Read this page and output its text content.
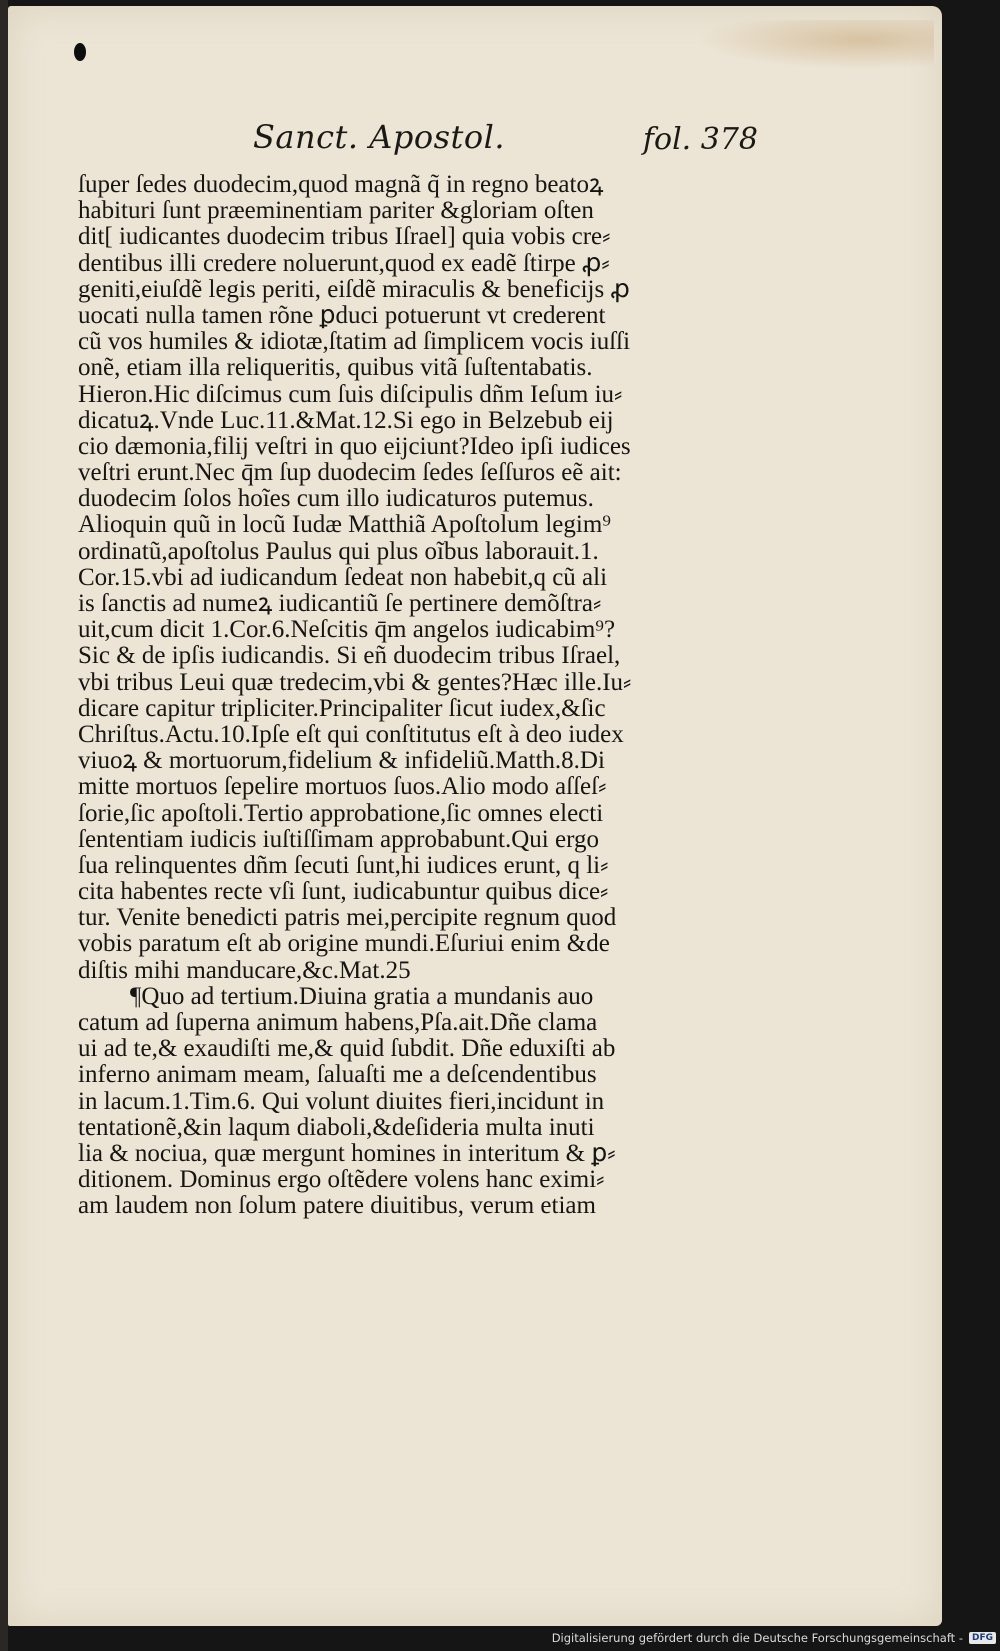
Sanct. Apostol.	fol. 378
ſuper ſedes duodecim,quod magnã q̃ in regno beatoꝝ
habituri ſunt præeminentiam pariter &gloriam oſten
dit[ iudicantes duodecim tribus Iſrael] quia vobis cre⸗
dentibus illi credere noluerunt,quod ex eadẽ ſtirpe ꝓ⸗
geniti,eiuſdẽ legis periti, eiſdẽ miraculis & beneficijs ꝓ
uocati nulla tamen rõne ꝑduci potuerunt vt crederent
cũ vos humiles & idiotæ,ſtatim ad ſimplicem vocis iuſſi
onẽ, etiam illa reliqueritis, quibus vitã ſuſtentabatis.
Hieron.Hic diſcimus cum ſuis diſcipulis dñm Ieſum iu⸗
dicatuꝝ.Vnde Luc.11.&Mat.12.Si ego in Belzebub eij
cio dæmonia,filij veſtri in quo eijciunt?Ideo ipſi iudices
veſtri erunt.Nec q̄m ſup duodecim ſedes ſeſſuros eẽ ait:
duodecim ſolos hoĩes cum illo iudicaturos putemus.
Alioquin quũ in locũ Iudæ Matthiã Apoſtolum legim⁹
ordinatũ,apoſtolus Paulus qui plus oĩbus laborauit.1.
Cor.15.vbi ad iudicandum ſedeat non habebit,q cũ ali
is ſanctis ad numeꝝ iudicantiũ ſe pertinere demõſtra⸗
uit,cum dicit 1.Cor.6.Neſcitis q̄m angelos iudicabim⁹?
Sic & de ipſis iudicandis. Si eñ duodecim tribus Iſrael,
vbi tribus Leui quæ tredecim,vbi & gentes?Hæc ille.Iu⸗
dicare capitur tripliciter.Principaliter ſicut iudex,&ſic
Chriſtus.Actu.10.Ipſe eſt qui conſtitutus eſt à deo iudex
viuoꝝ & mortuorum,fidelium & infideliũ.Matth.8.Di
mitte mortuos ſepelire mortuos ſuos.Alio modo aſſeſ⸗
ſorie,ſic apoſtoli.Tertio approbatione,ſic omnes electi
ſententiam iudicis iuſtiſſimam approbabunt.Qui ergo
ſua relinquentes dñm ſecuti ſunt,hi iudices erunt, q li⸗
cita habentes recte vſi ſunt, iudicabuntur quibus dice⸗
tur. Venite benedicti patris mei,percipite regnum quod
vobis paratum eſt ab origine mundi.Eſuriui enim &de
diſtis mihi manducare,&c.Mat.25
¶Quo ad tertium.Diuina gratia a mundanis auo
catum ad ſuperna animum habens,Pſa.ait.Dñe clama
ui ad te,& exaudiſti me,& quid ſubdit. Dñe eduxiſti ab
inferno animam meam, ſaluaſti me a deſcendentibus
in lacum.1.Tim.6. Qui volunt diuites fieri,incidunt in
tentationẽ,&in laqum diaboli,&deſideria multa inuti
lia & nociua, quæ mergunt homines in interitum & ꝑ⸗
ditionem. Dominus ergo oſtẽdere volens hanc eximi⸗
am laudem non ſolum patere diuitibus, verum etiam
Digitalisierung gefördert durch die Deutsche Forschungsgemeinschaft -	DFG
